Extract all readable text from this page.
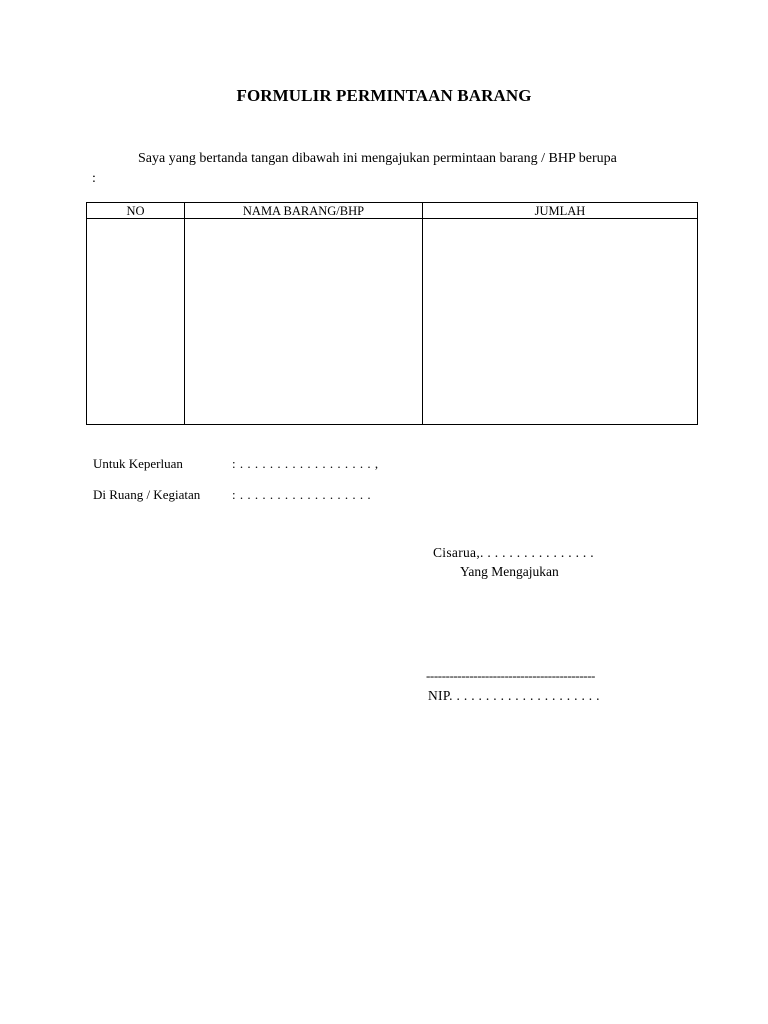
FORMULIR PERMINTAAN BARANG
Saya yang bertanda tangan dibawah ini mengajukan permintaan barang / BHP berupa
:
NO	NAMA BARANG/BHP	JUMLAH

Untuk Keperluan	: . . . . . . . . . . . . . . . . . . ,
Di Ruang / Kegiatan : . . . . . . . . . . . . . . . . . .
Cisarua,. . . . . . . . . . . . . . . .
Yang Mengajukan
-------------------------------------------
NIP. . . . . . . . . . . . . . . . . . . . .
